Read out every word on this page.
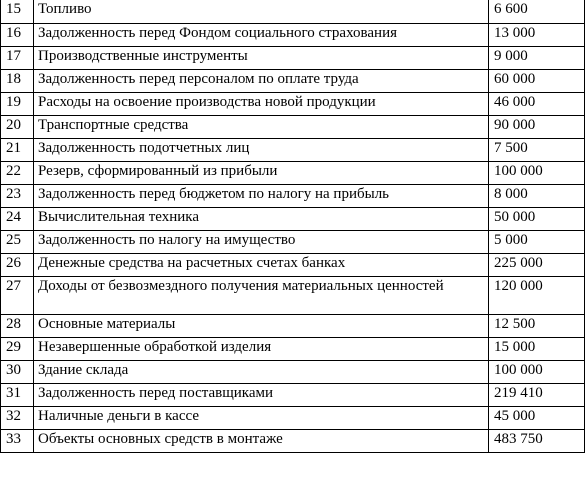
15	Топливо	6 600
16	Задолженность перед Фондом социального страхования	13 000
17	Производственные инструменты	9 000
18	Задолженность перед персоналом по оплате труда	60 000
19	Расходы на освоение производства новой продукции	46 000
20	Транспортные средства	90 000
21	Задолженность подотчетных лиц	7 500
22	Резерв, сформированный из прибыли	100 000
23	Задолженность перед бюджетом по налогу на прибыль	8 000
24	Вычислительная техника	50 000
25	Задолженность по налогу на имущество	5 000
26	Денежные средства на расчетных счетах банках	225 000
27	Доходы от безвозмездного получения материальных ценностей	120 000
28	Основные материалы	12 500
29	Незавершенные обработкой изделия	15 000
30	Здание склада	100 000
31	Задолженность перед поставщиками	219 410
32	Наличные деньги в кассе	45 000
33	Объекты основных средств в монтаже	483 750
